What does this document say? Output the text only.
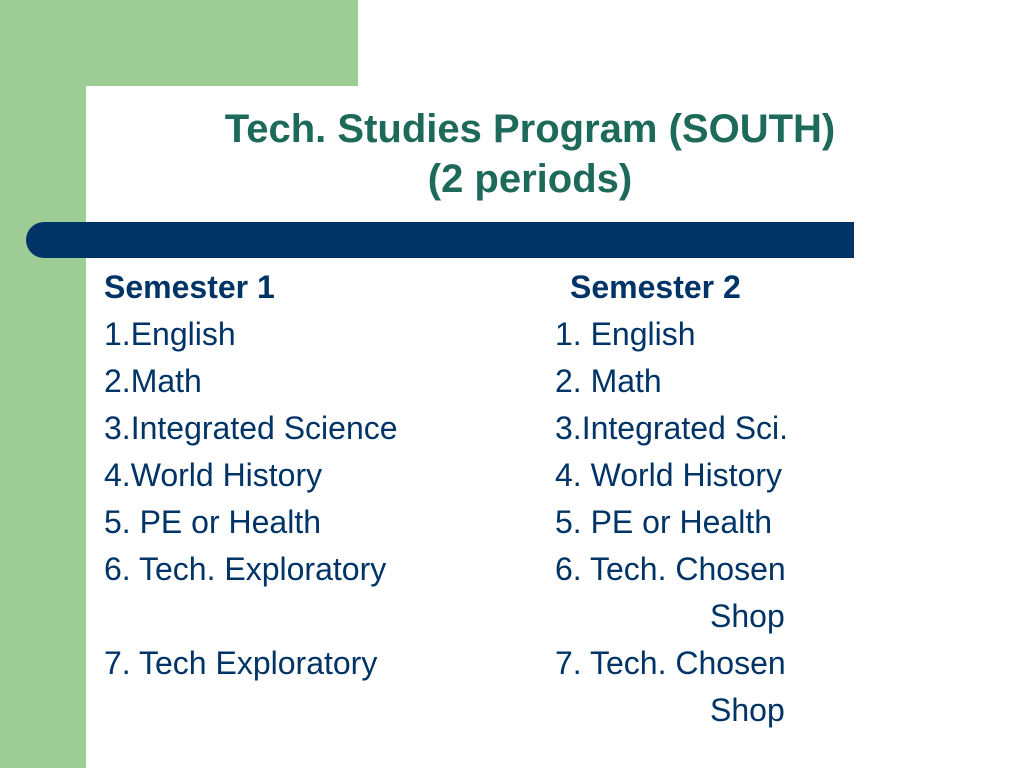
Tech. Studies Program (SOUTH)
(2 periods)
Semester 1
1.English
2.Math
3.Integrated Science
4.World History
5. PE or Health
6. Tech. Exploratory
7. Tech Exploratory
Semester 2
1. English
2. Math
3.Integrated Sci.
4. World History
5. PE or Health
6. Tech. Chosen
Shop
7. Tech. Chosen
Shop
